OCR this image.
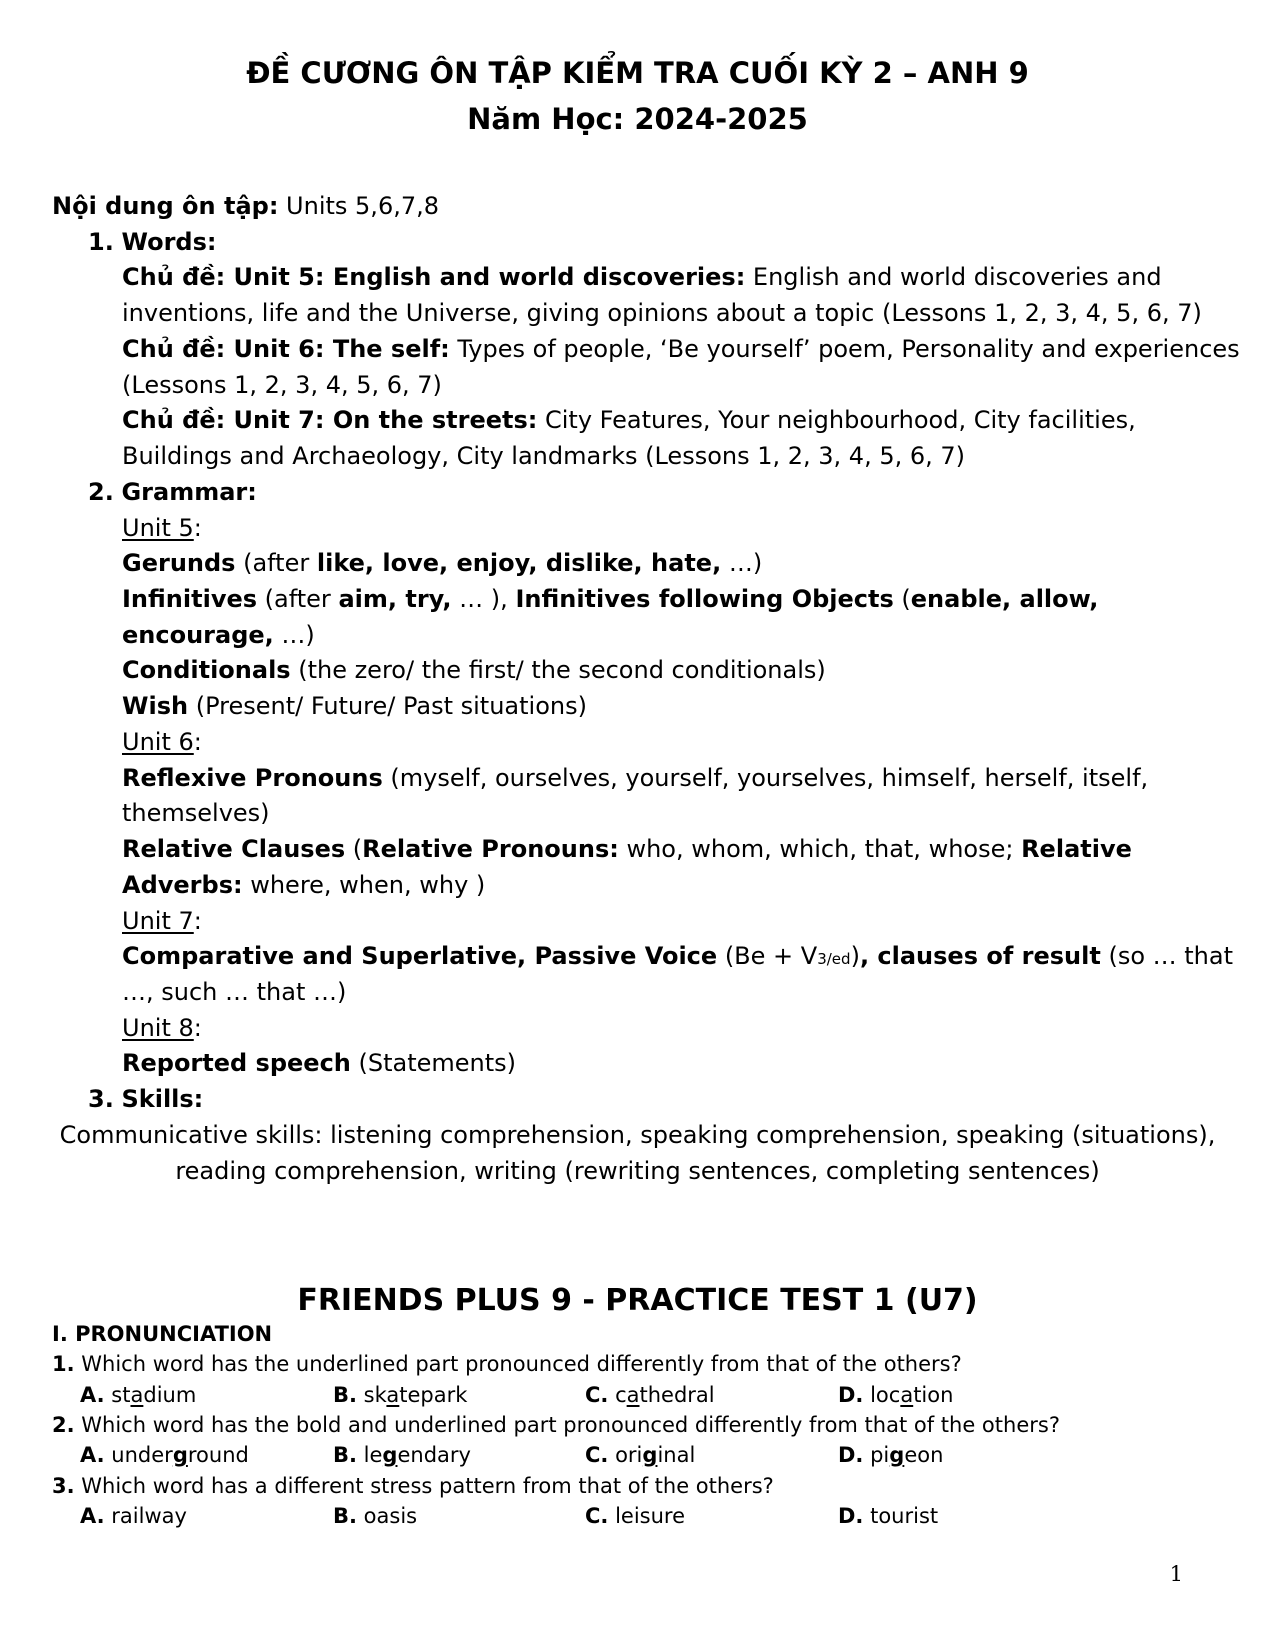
ĐỀ CƯƠNG ÔN TẬP KIỂM TRA CUỐI KỲ 2 – ANH 9
Năm Học: 2024-2025
Nội dung ôn tập: Units 5,6,7,8
1. Words:
Chủ đề: Unit 5: English and world discoveries: English and world discoveries and
inventions, life and the Universe, giving opinions about a topic (Lessons 1, 2, 3, 4, 5, 6, 7)
Chủ đề: Unit 6: The self: Types of people, ‘Be yourself’ poem, Personality and experiences
(Lessons 1, 2, 3, 4, 5, 6, 7)
Chủ đề: Unit 7: On the streets: City Features, Your neighbourhood, City facilities,
Buildings and Archaeology, City landmarks (Lessons 1, 2, 3, 4, 5, 6, 7)
2. Grammar:
Unit 5:
Gerunds (after like, love, enjoy, dislike, hate, …)
Infinitives (after aim, try, … ), Infinitives following Objects (enable, allow,
encourage, …)
Conditionals (the zero/ the first/ the second conditionals)
Wish (Present/ Future/ Past situations)
Unit 6:
Reflexive Pronouns (myself, ourselves, yourself, yourselves, himself, herself, itself,
themselves)
Relative Clauses (Relative Pronouns: who, whom, which, that, whose; Relative
Adverbs: where, when, why )
Unit 7:
Comparative and Superlative, Passive Voice (Be + V3/ed), clauses of result (so … that
…, such … that …)
Unit 8:
Reported speech (Statements)
3. Skills:
Communicative skills: listening comprehension, speaking comprehension, speaking (situations),
reading comprehension, writing (rewriting sentences, completing sentences)
FRIENDS PLUS 9 - PRACTICE TEST 1 (U7)
I. PRONUNCIATION
1. Which word has the underlined part pronounced differently from that of the others?
A. stadium	B. skatepark	C. cathedral	D. location
2. Which word has the bold and underlined part pronounced differently from that of the others?
A. underground	B. legendary	C. original	D. pigeon
3. Which word has a different stress pattern from that of the others?
A. railway	B. oasis	C. leisure	D. tourist
1
